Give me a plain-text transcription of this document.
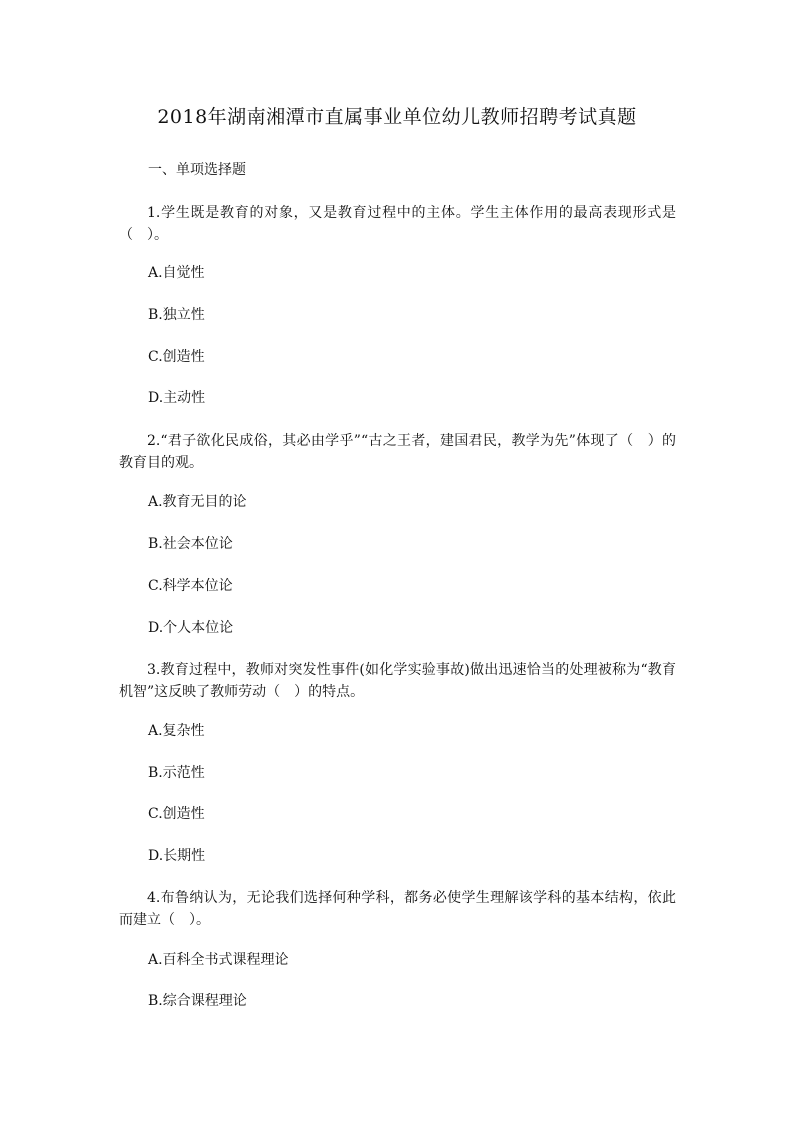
2018年湖南湘潭市直属事业单位幼儿教师招聘考试真题
一、单项选择题
1.学生既是教育的对象，又是教育过程中的主体。学生主体作用的最高表现形式是（　）。
A.自觉性
B.独立性
C.创造性
D.主动性
2.“君子欲化民成俗，其必由学乎”“古之王者，建国君民，教学为先”体现了（　）的教育目的观。
A.教育无目的论
B.社会本位论
C.科学本位论
D.个人本位论
3.教育过程中，教师对突发性事件(如化学实验事故)做出迅速恰当的处理被称为“教育机智”这反映了教师劳动（　）的特点。
A.复杂性
B.示范性
C.创造性
D.长期性
4.布鲁纳认为，无论我们选择何种学科，都务必使学生理解该学科的基本结构，依此而建立（　）。
A.百科全书式课程理论
B.综合课程理论
